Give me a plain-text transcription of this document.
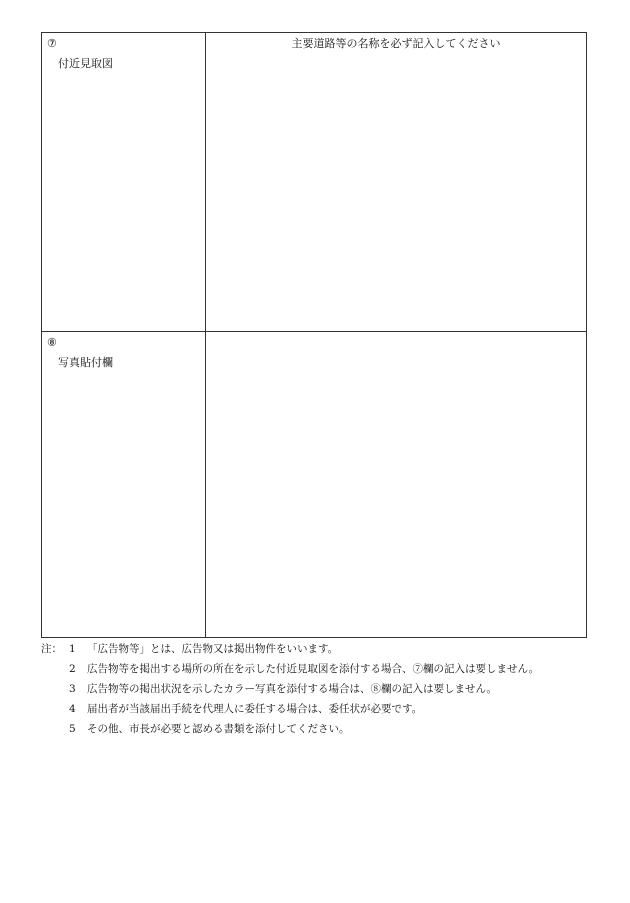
⑦
付近見取図
主要道路等の名称を必ず記入してください
⑧
写真貼付欄
注： 1 「広告物等」とは、広告物又は掲出物件をいいます。
2 広告物等を掲出する場所の所在を示した付近見取図を添付する場合、⑦欄の記入は要しません。
3 広告物等の掲出状況を示したカラー写真を添付する場合は、⑧欄の記入は要しません。
4 届出者が当該届出手続を代理人に委任する場合は、委任状が必要です。
5 その他、市長が必要と認める書類を添付してください。
